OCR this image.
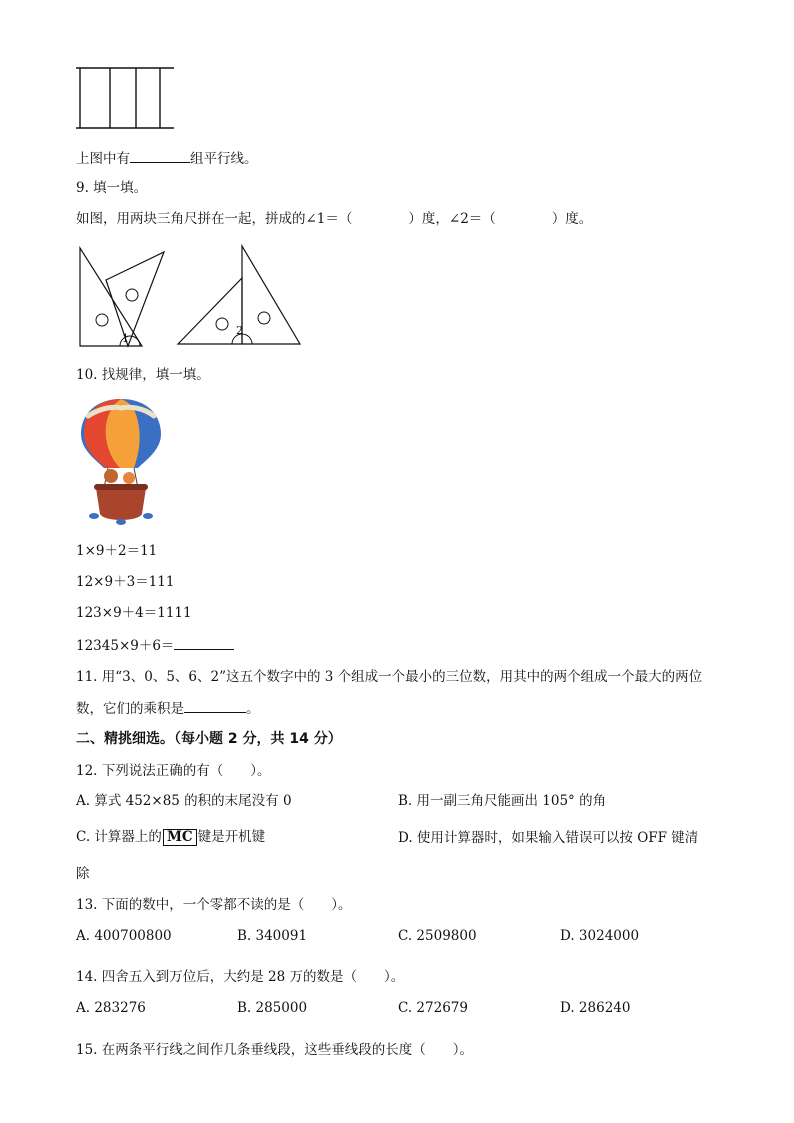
上图中有	组平行线。
9. 填一填。
如图，用两块三角尺拼在一起，拼成的∠1＝（	）度，∠2＝（	）度。
1
2
10. 找规律，填一填。
1×9＋2＝11
12×9＋3＝111
123×9＋4＝1111
12345×9＋6＝
11. 用“3、0、5、6、2”这五个数字中的 3 个组成一个最小的三位数，用其中的两个组成一个最大的两位
数，它们的乘积是	。
二、精挑细选。（每小题 2 分，共 14 分）
12. 下列说法正确的有（　　）。
A. 算式 452×85 的积的末尾没有 0	B. 用一副三角尺能画出 105° 的角
C. 计算器上的 MC 键是开机键	D. 使用计算器时，如果输入错误可以按 OFF 键清
除
13. 下面的数中，一个零都不读的是（　　）。
A. 400700800	B. 340091	C. 2509800	D. 3024000
14. 四舍五入到万位后，大约是 28 万的数是（　　）。
A. 283276	B. 285000	C. 272679	D. 286240
15. 在两条平行线之间作几条垂线段，这些垂线段的长度（　　）。
